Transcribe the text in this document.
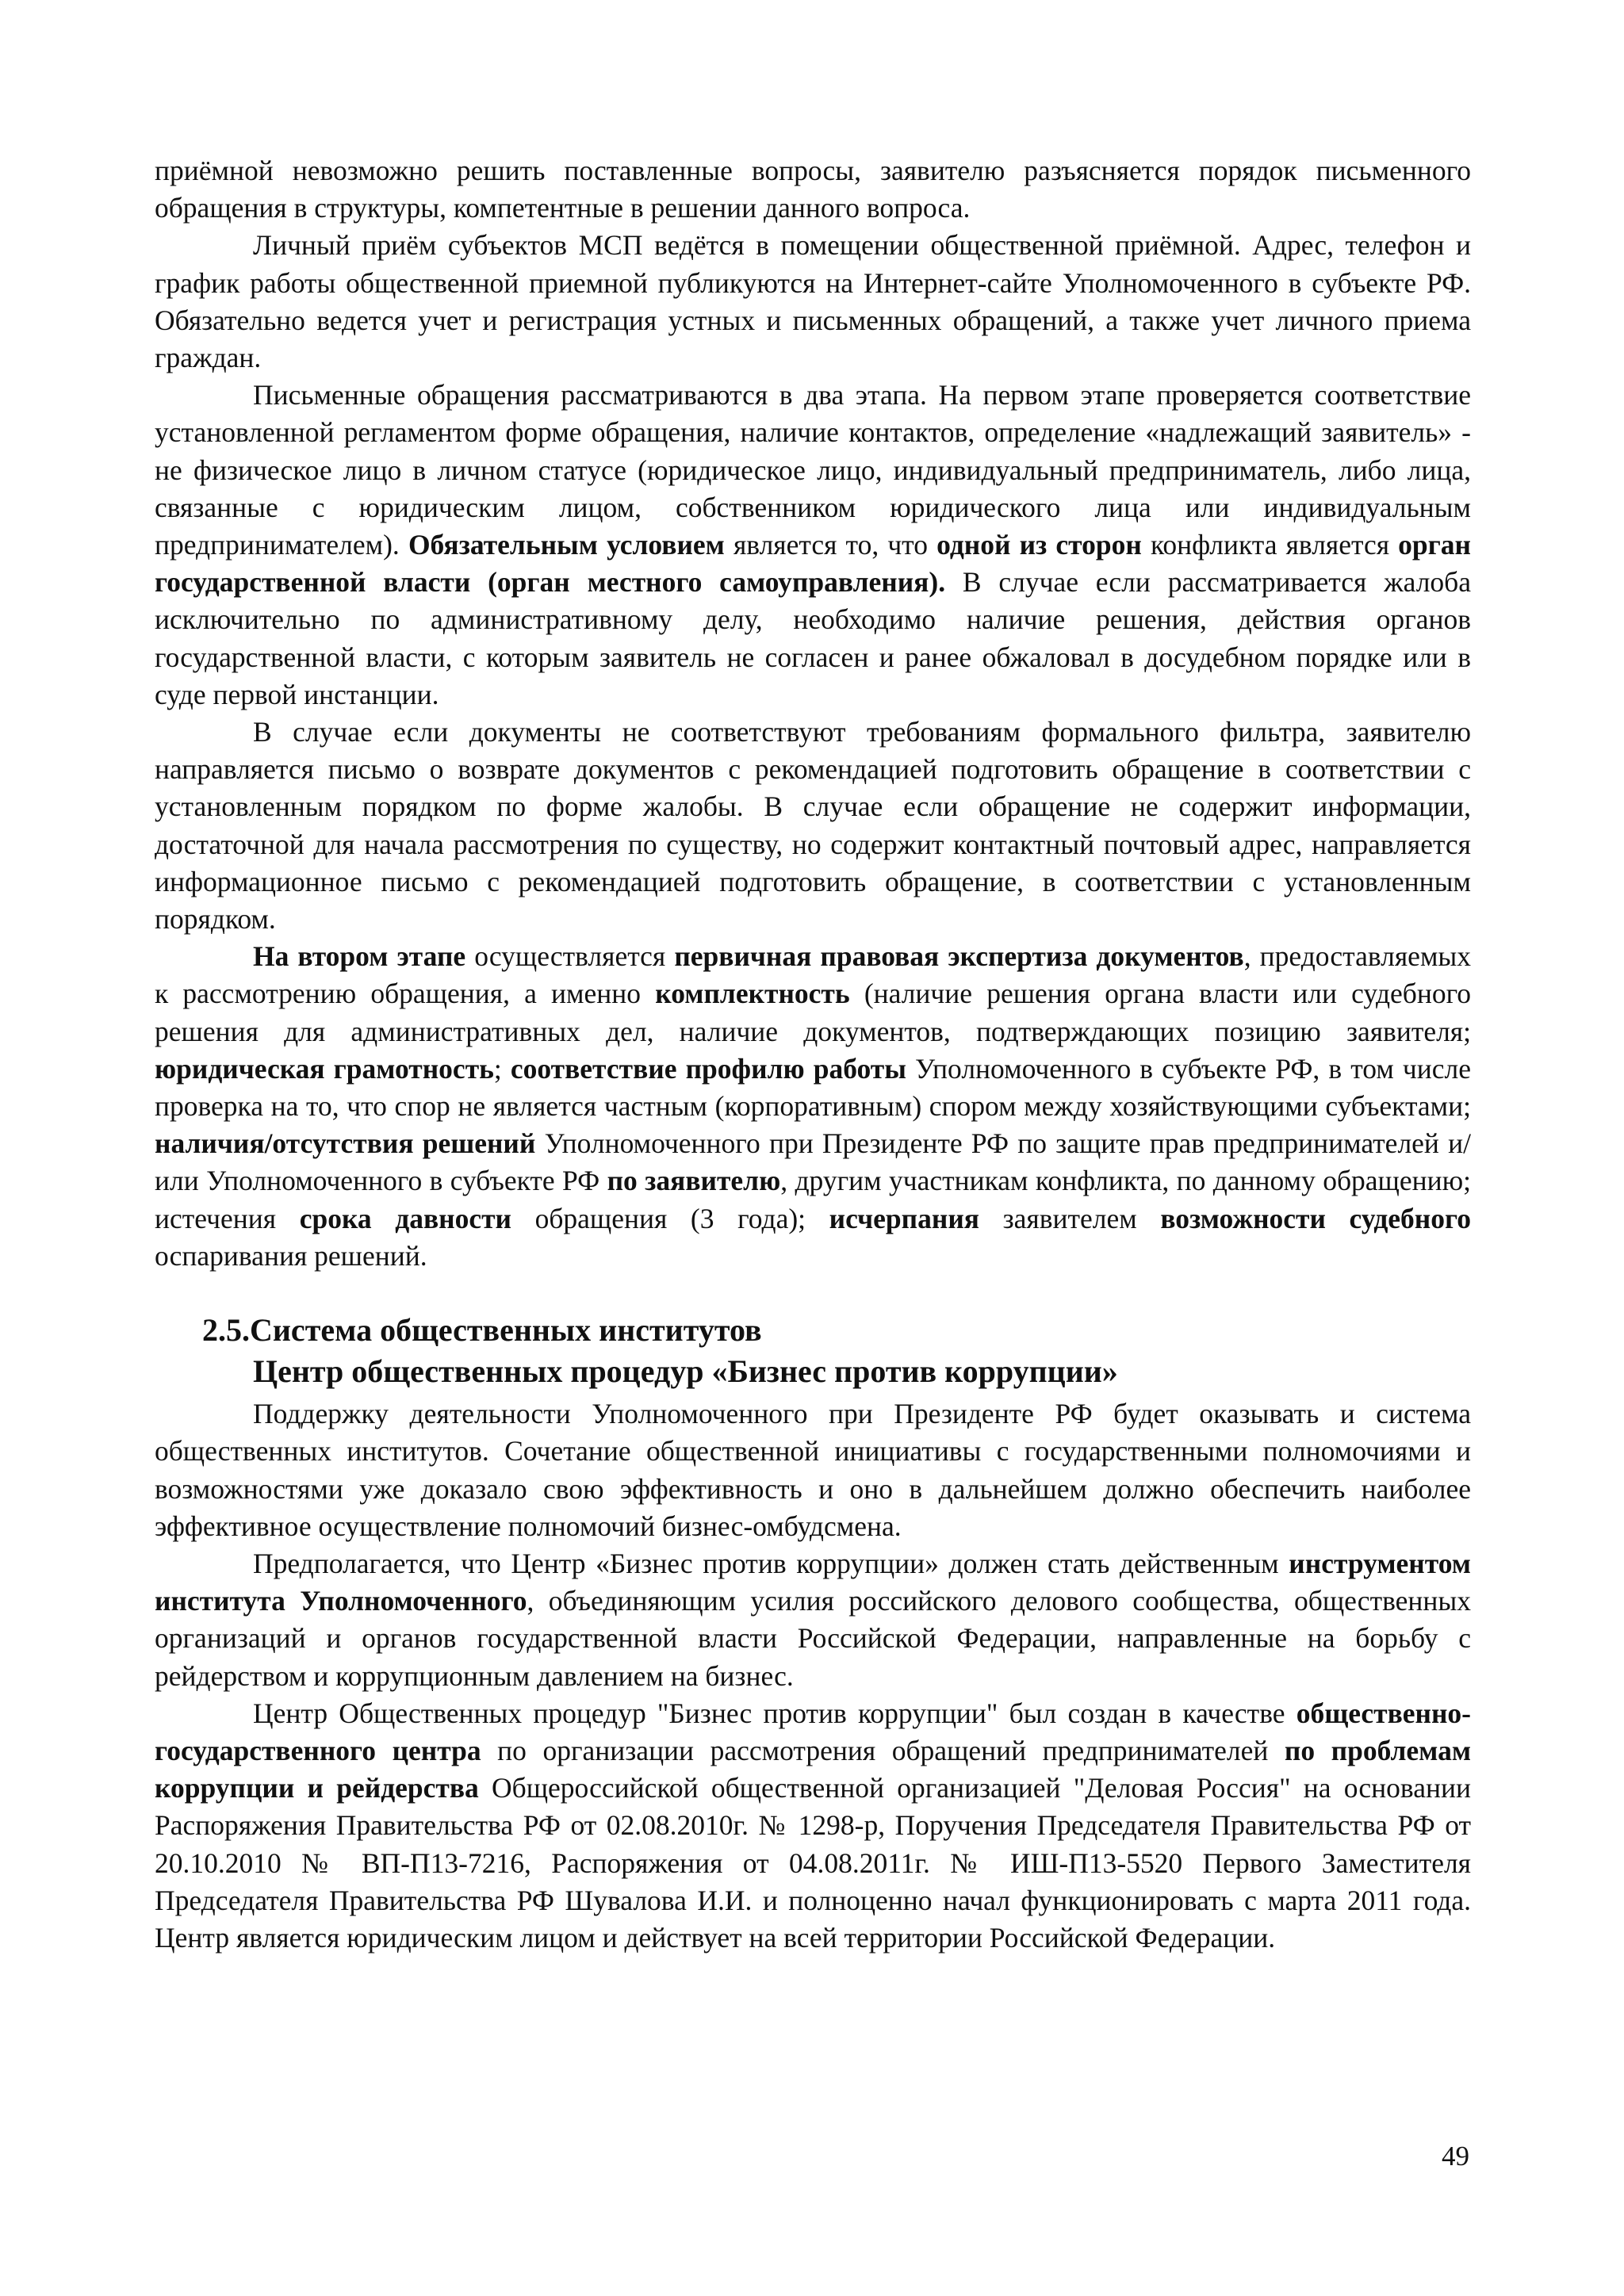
приёмной невозможно решить поставленные вопросы, заявителю разъясняется порядок письменного обращения в структуры, компетентные в решении данного вопроса.

Личный приём субъектов МСП ведётся в помещении общественной приёмной. Адрес, телефон и график работы общественной приемной публикуются на Интернет-сайте Уполномоченного в субъекте РФ. Обязательно ведется учет и регистрация устных и письменных обращений, а также учет личного приема граждан.

Письменные обращения рассматриваются в два этапа. На первом этапе проверяется соответствие установленной регламентом форме обращения, наличие контактов, определение «надлежащий заявитель» - не физическое лицо в личном статусе (юридическое лицо, индивидуальный предприниматель, либо лица, связанные с юридическим лицом, собственником юридического лица или индивидуальным предпринимателем). Обязательным условием является то, что одной из сторон конфликта является орган государственной власти (орган местного самоуправления). В случае если рассматривается жалоба исключительно по административному делу, необходимо наличие решения, действия органов государственной власти, с которым заявитель не согласен и ранее обжаловал в досудебном порядке или в суде первой инстанции.

В случае если документы не соответствуют требованиям формального фильтра, заявителю направляется письмо о возврате документов с рекомендацией подготовить обращение в соответствии с установленным порядком по форме жалобы. В случае если обращение не содержит информации, достаточной для начала рассмотрения по существу, но содержит контактный почтовый адрес, направляется информационное письмо с рекомендацией подготовить обращение, в соответствии с установленным порядком.

На втором этапе осуществляется первичная правовая экспертиза документов, предоставляемых к рассмотрению обращения, а именно комплектность (наличие решения органа власти или судебного решения для административных дел, наличие документов, подтверждающих позицию заявителя; юридическая грамотность; соответствие профилю работы Уполномоченного в субъекте РФ, в том числе проверка на то, что спор не является частным (корпоративным) спором между хозяйствующими субъектами; наличия/отсутствия решений Уполномоченного при Президенте РФ по защите прав предпринимателей и/или Уполномоченного в субъекте РФ по заявителю, другим участникам конфликта, по данному обращению; истечения срока давности обращения (3 года); исчерпания заявителем возможности судебного оспаривания решений.

2.5.Система общественных институтов
Центр общественных процедур «Бизнес против коррупции»

Поддержку деятельности Уполномоченного при Президенте РФ будет оказывать и система общественных институтов. Сочетание общественной инициативы с государственными полномочиями и возможностями уже доказало свою эффективность и оно в дальнейшем должно обеспечить наиболее эффективное осуществление полномочий бизнес-омбудсмена.

Предполагается, что Центр «Бизнес против коррупции» должен стать действенным инструментом института Уполномоченного, объединяющим усилия российского делового сообщества, общественных организаций и органов государственной власти Российской Федерации, направленные на борьбу с рейдерством и коррупционным давлением на бизнес.

Центр Общественных процедур "Бизнес против коррупции" был создан в качестве общественно-государственного центра по организации рассмотрения обращений предпринимателей по проблемам коррупции и рейдерства Общероссийской общественной организацией "Деловая Россия" на основании Распоряжения Правительства РФ от 02.08.2010г. № 1298-р, Поручения Председателя Правительства РФ от 20.10.2010 № ВП-П13-7216, Распоряжения от 04.08.2011г. № ИШ-П13-5520 Первого Заместителя Председателя Правительства РФ Шувалова И.И. и полноценно начал функционировать с марта 2011 года. Центр является юридическим лицом и действует на всей территории Российской Федерации.

49
